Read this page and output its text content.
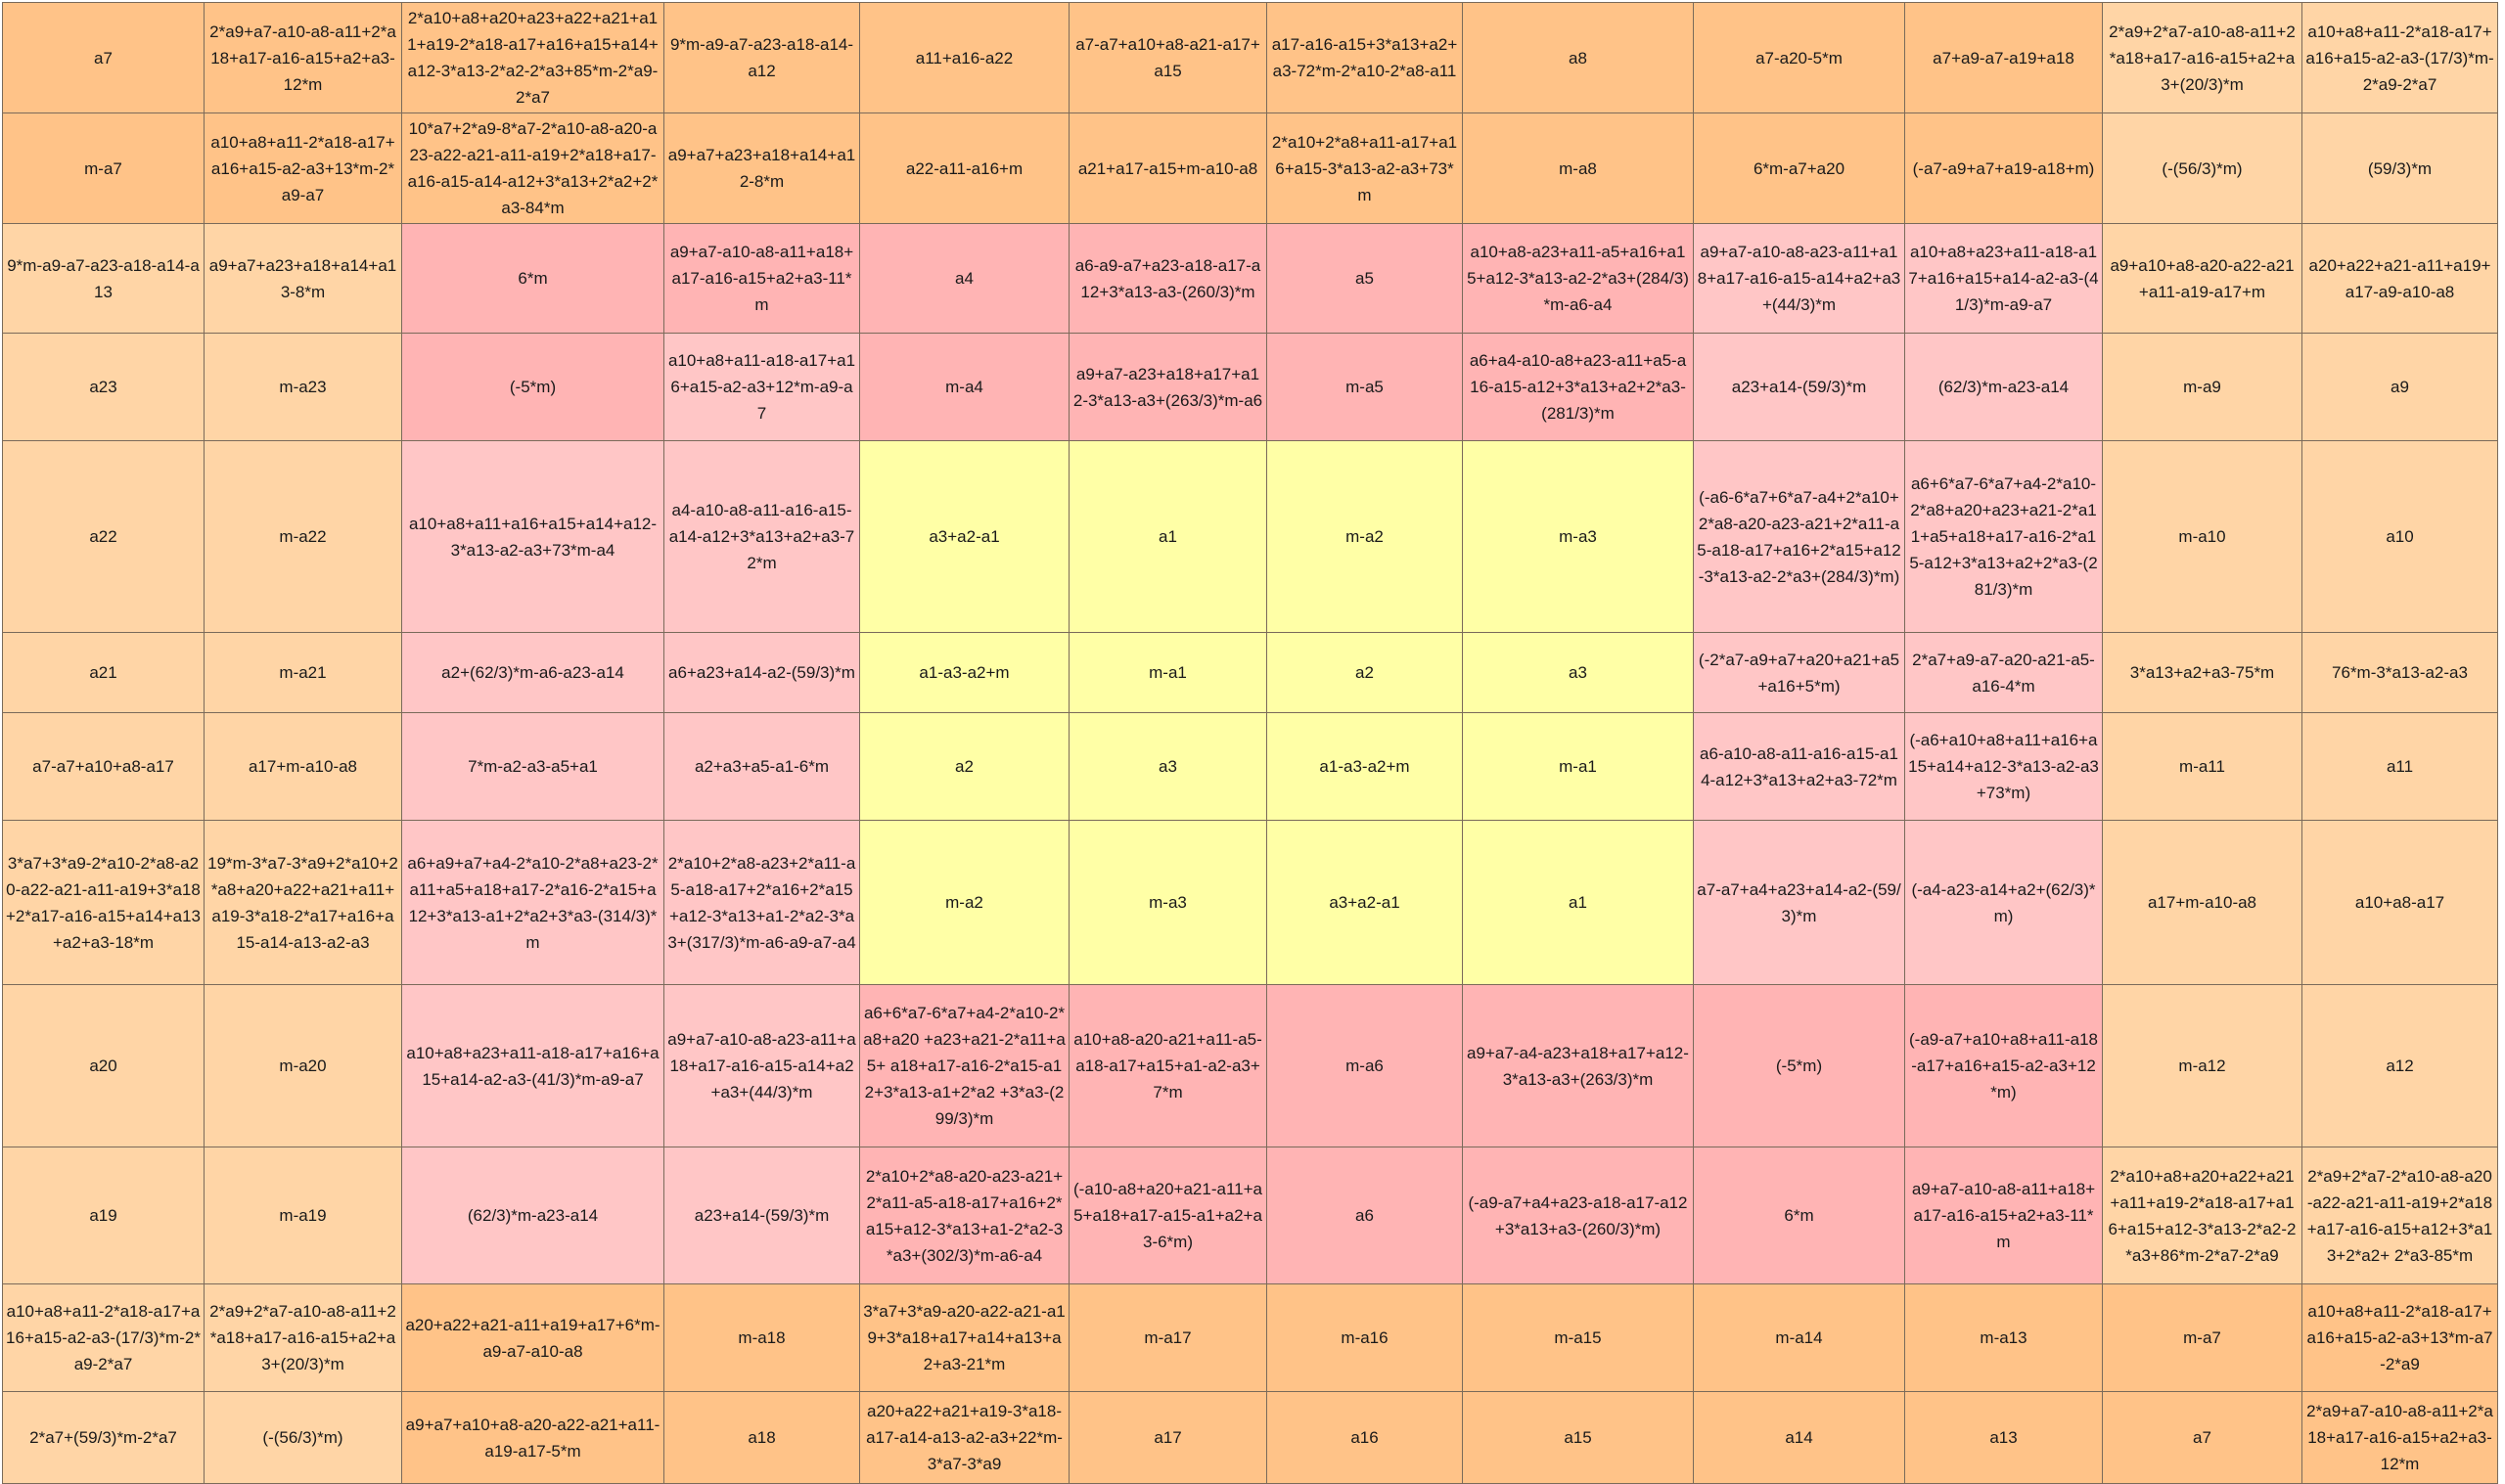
a7	2*a9+a7-a10-a8-a11+2*a18+a17-a16-a15+a2+a3-12*m	2*a10+a8+a20+a23+a22+a21+a11+a19-2*a18-a17+a16+a15+a14+a12-3*a13-2*a2-2*a3+85*m-2*a9-2*a7	9*m-a9-a7-a23-a18-a14-a12	a11+a16-a22	a7-a7+a10+a8-a21-a17+a15	a17-a16-a15+3*a13+a2+a3-72*m-2*a10-2*a8-a11	a8	a7-a20-5*m	a7+a9-a7-a19+a18	2*a9+2*a7-a10-a8-a11+2*a18+a17-a16-a15+a2+a3+(20/3)*m	a10+a8+a11-2*a18-a17+a16+a15-a2-a3-(17/3)*m-2*a9-2*a7
m-a7	a10+a8+a11-2*a18-a17+a16+a15-a2-a3+13*m-2*a9-a7	10*a7+2*a9-8*a7-2*a10-a8-a20-a23-a22-a21-a11-a19+2*a18+a17-a16-a15-a14-a12+3*a13+2*a2+2*a3-84*m	a9+a7+a23+a18+a14+a12-8*m	a22-a11-a16+m	a21+a17-a15+m-a10-a8	2*a10+2*a8+a11-a17+a16+a15-3*a13-a2-a3+73*m	m-a8	6*m-a7+a20	(-a7-a9+a7+a19-a18+m)	(-(56/3)*m)	(59/3)*m
9*m-a9-a7-a23-a18-a14-a13	a9+a7+a23+a18+a14+a13-8*m	6*m	a9+a7-a10-a8-a11+a18+a17-a16-a15+a2+a3-11*m	a4	a6-a9-a7+a23-a18-a17-a12+3*a13-a3-(260/3)*m	a5	a10+a8-a23+a11-a5+a16+a15+a12-3*a13-a2-2*a3+(284/3)*m-a6-a4	a9+a7-a10-a8-a23-a11+a18+a17-a16-a15-a14+a2+a3+(44/3)*m	a10+a8+a23+a11-a18-a17+a16+a15+a14-a2-a3-(41/3)*m-a9-a7	a9+a10+a8-a20-a22-a21+a11-a19-a17+m	a20+a22+a21-a11+a19+a17-a9-a10-a8
a23	m-a23	(-5*m)	a10+a8+a11-a18-a17+a16+a15-a2-a3+12*m-a9-a7	m-a4	a9+a7-a23+a18+a17+a12-3*a13-a3+(263/3)*m-a6	m-a5	a6+a4-a10-a8+a23-a11+a5-a16-a15-a12+3*a13+a2+2*a3-(281/3)*m	a23+a14-(59/3)*m	(62/3)*m-a23-a14	m-a9	a9
a22	m-a22	a10+a8+a11+a16+a15+a14+a12-3*a13-a2-a3+73*m-a4	a4-a10-a8-a11-a16-a15-a14-a12+3*a13+a2+a3-72*m	a3+a2-a1	a1	m-a2	m-a3	(-a6-6*a7+6*a7-a4+2*a10+2*a8-a20-a23-a21+2*a11-a5-a18-a17+a16+2*a15+a12-3*a13-a2-2*a3+(284/3)*m)	a6+6*a7-6*a7+a4-2*a10-2*a8+a20+a23+a21-2*a11+a5+a18+a17-a16-2*a15-a12+3*a13+a2+2*a3-(281/3)*m	m-a10	a10
a21	m-a21	a2+(62/3)*m-a6-a23-a14	a6+a23+a14-a2-(59/3)*m	a1-a3-a2+m	m-a1	a2	a3	(-2*a7-a9+a7+a20+a21+a5+a16+5*m)	2*a7+a9-a7-a20-a21-a5-a16-4*m	3*a13+a2+a3-75*m	76*m-3*a13-a2-a3
a7-a7+a10+a8-a17	a17+m-a10-a8	7*m-a2-a3-a5+a1	a2+a3+a5-a1-6*m	a2	a3	a1-a3-a2+m	m-a1	a6-a10-a8-a11-a16-a15-a14-a12+3*a13+a2+a3-72*m	(-a6+a10+a8+a11+a16+a15+a14+a12-3*a13-a2-a3+73*m)	m-a11	a11
3*a7+3*a9-2*a10-2*a8-a20-a22-a21-a11-a19+3*a18+2*a17-a16-a15+a14+a13+a2+a3-18*m	19*m-3*a7-3*a9+2*a10+2*a8+a20+a22+a21+a11+a19-3*a18-2*a17+a16+a15-a14-a13-a2-a3	a6+a9+a7+a4-2*a10-2*a8+a23-2*a11+a5+a18+a17-2*a16-2*a15+a12+3*a13-a1+2*a2+3*a3-(314/3)*m	2*a10+2*a8-a23+2*a11-a5-a18-a17+2*a16+2*a15+a12-3*a13+a1-2*a2-3*a3+(317/3)*m-a6-a9-a7-a4	m-a2	m-a3	a3+a2-a1	a1	a7-a7+a4+a23+a14-a2-(59/3)*m	(-a4-a23-a14+a2+(62/3)*m)	a17+m-a10-a8	a10+a8-a17
a20	m-a20	a10+a8+a23+a11-a18-a17+a16+a15+a14-a2-a3-(41/3)*m-a9-a7	a9+a7-a10-a8-a23-a11+a18+a17-a16-a15-a14+a2+a3+(44/3)*m	a6+6*a7-6*a7+a4-2*a10-2*a8+a20 +a23+a21-2*a11+a5+ a18+a17-a16-2*a15-a12+3*a13-a1+2*a2 +3*a3-(299/3)*m	a10+a8-a20-a21+a11-a5-a18-a17+a15+a1-a2-a3+7*m	m-a6	a9+a7-a4-a23+a18+a17+a12-3*a13-a3+(263/3)*m	(-5*m)	(-a9-a7+a10+a8+a11-a18-a17+a16+a15-a2-a3+12*m)	m-a12	a12
a19	m-a19	(62/3)*m-a23-a14	a23+a14-(59/3)*m	2*a10+2*a8-a20-a23-a21+2*a11-a5-a18-a17+a16+2*a15+a12-3*a13+a1-2*a2-3*a3+(302/3)*m-a6-a4	(-a10-a8+a20+a21-a11+a5+a18+a17-a15-a1+a2+a3-6*m)	a6	(-a9-a7+a4+a23-a18-a17-a12+3*a13+a3-(260/3)*m)	6*m	a9+a7-a10-a8-a11+a18+a17-a16-a15+a2+a3-11*m	2*a10+a8+a20+a22+a21+a11+a19-2*a18-a17+a16+a15+a12-3*a13-2*a2-2*a3+86*m-2*a7-2*a9	2*a9+2*a7-2*a10-a8-a20-a22-a21-a11-a19+2*a18+a17-a16-a15+a12+3*a13+2*a2+ 2*a3-85*m
a10+a8+a11-2*a18-a17+a16+a15-a2-a3-(17/3)*m-2*a9-2*a7	2*a9+2*a7-a10-a8-a11+2*a18+a17-a16-a15+a2+a3+(20/3)*m	a20+a22+a21-a11+a19+a17+6*m-a9-a7-a10-a8	m-a18	3*a7+3*a9-a20-a22-a21-a19+3*a18+a17+a14+a13+a2+a3-21*m	m-a17	m-a16	m-a15	m-a14	m-a13	m-a7	a10+a8+a11-2*a18-a17+a16+a15-a2-a3+13*m-a7-2*a9
2*a7+(59/3)*m-2*a7	(-(56/3)*m)	a9+a7+a10+a8-a20-a22-a21+a11-a19-a17-5*m	a18	a20+a22+a21+a19-3*a18-a17-a14-a13-a2-a3+22*m-3*a7-3*a9	a17	a16	a15	a14	a13	a7	2*a9+a7-a10-a8-a11+2*a18+a17-a16-a15+a2+a3-12*m
